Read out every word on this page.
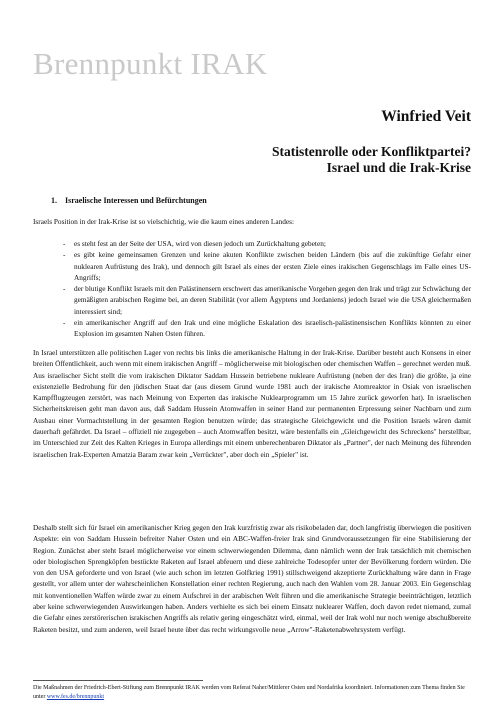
Brennpunkt IRAK
Winfried Veit
Statistenrolle oder Konfliktpartei?
Israel und die Irak-Krise
1. Israelische Interessen und Befürchtungen
Israels Position in der Irak-Krise ist so vielschichtig, wie die kaum eines anderen Landes:
- es steht fest an der Seite der USA, wird von diesen jedoch um Zurückhaltung gebeten;
- es gibt keine gemeinsamen Grenzen und keine akuten Konflikte zwischen beiden Ländern (bis auf die zukünftige Gefahr einer nuklearen Aufrüstung des Irak), und dennoch gilt Israel als eines der ersten Ziele eines irakischen Gegenschlags im Falle eines US-Angriffs;
- der blutige Konflikt Israels mit den Palästinensern erschwert das amerikanische Vorgehen gegen den Irak und trägt zur Schwächung der gemäßigten arabischen Regime bei, an deren Stabilität (vor allem Ägyptens und Jordaniens) jedoch Israel wie die USA gleichermaßen interessiert sind;
- ein amerikanischer Angriff auf den Irak und eine mögliche Eskalation des israelisch-palästinensischen Konflikts könnten zu einer Explosion im gesamten Nahen Osten führen.
In Israel unterstützen alle politischen Lager von rechts bis links die amerikanische Haltung in der Irak-Krise. Darüber besteht auch Konsens in einer breiten Öffentlichkeit, auch wenn mit einem irakischen Angriff – möglicherweise mit biologischen oder chemischen Waffen – gerechnet werden muß. Aus israelischer Sicht stellt die vom irakischen Diktator Saddam Hussein betriebene nukleare Aufrüstung (neben der des Iran) die größte, ja eine existenzielle Bedrohung für den jüdischen Staat dar (aus diesem Grund wurde 1981 auch der irakische Atomreaktor in Osiak von israelischen Kampfflugzeugen zerstört, was nach Meinung von Experten das irakische Nuklearprogramm um 15 Jahre zurück geworfen hat). In israelischen Sicherheitskreisen geht man davon aus, daß Saddam Hussein Atomwaffen in seiner Hand zur permanenten Erpressung seiner Nachbarn und zum Ausbau einer Vormachtstellung in der gesamten Region benutzen würde; das strategische Gleichgewicht und die Position Israels wären damit dauerhaft gefährdet. Da Israel – offiziell nie zugegeben – auch Atomwaffen besitzt, wäre bestenfalls ein „Gleichgewicht des Schreckens" herstellbar, im Unterschied zur Zeit des Kalten Krieges in Europa allerdings mit einem unberechenbaren Diktator als „Partner", der nach Meinung des führenden israelischen Irak-Experten Amatzia Baram zwar kein „Verrückter", aber doch ein „Spieler" ist.
Deshalb stellt sich für Israel ein amerikanischer Krieg gegen den Irak kurzfristig zwar als risikobeladen dar, doch langfristig überwiegen die positiven Aspekte: ein von Saddam Hussein befreiter Naher Osten und ein ABC-Waffen-freier Irak sind Grundvoraussetzungen für eine Stabilisierung der Region. Zunächst aber steht Israel möglicherweise vor einem schwerwiegenden Dilemma, dann nämlich wenn der Irak tatsächlich mit chemischen oder biologischen Sprengköpfen bestückte Raketen auf Israel abfeuern und diese zahlreiche Todesopfer unter der Bevölkerung fordern würden. Die von den USA geforderte und von Israel (wie auch schon im letzten Golfkrieg 1991) stillschweigend akzeptierte Zurückhaltung wäre dann in Frage gestellt, vor allem unter der wahrscheinlichen Konstellation einer rechten Regierung, auch nach den Wahlen vom 28. Januar 2003. Ein Gegenschlag mit konventionellen Waffen würde zwar zu einem Aufschrei in der arabischen Welt führen und die amerikanische Strategie beeinträchtigen, letztlich aber keine schwerwiegenden Auswirkungen haben. Anders verhielte es sich bei einem Einsatz nuklearer Waffen, doch davon redet niemand, zumal die Gefahr eines zerstörerischen israkischen Angriffs als relativ gering eingeschätzt wird, einmal, weil der Irak wohl nur noch wenige abschußbereite Raketen besitzt, und zum anderen, weil Israel heute über das recht wirkungsvolle neue „Arrow"-Raketenabwehrsystem verfügt.
Die Maßnahmen der Friedrich-Ebert-Stiftung zum Brennpunkt IRAK werden vom Referat Naher/Mittlerer Osten und Nordafrika koordiniert. Informationen zum Thema finden Sie unter www.fes.de/brennpunkt
